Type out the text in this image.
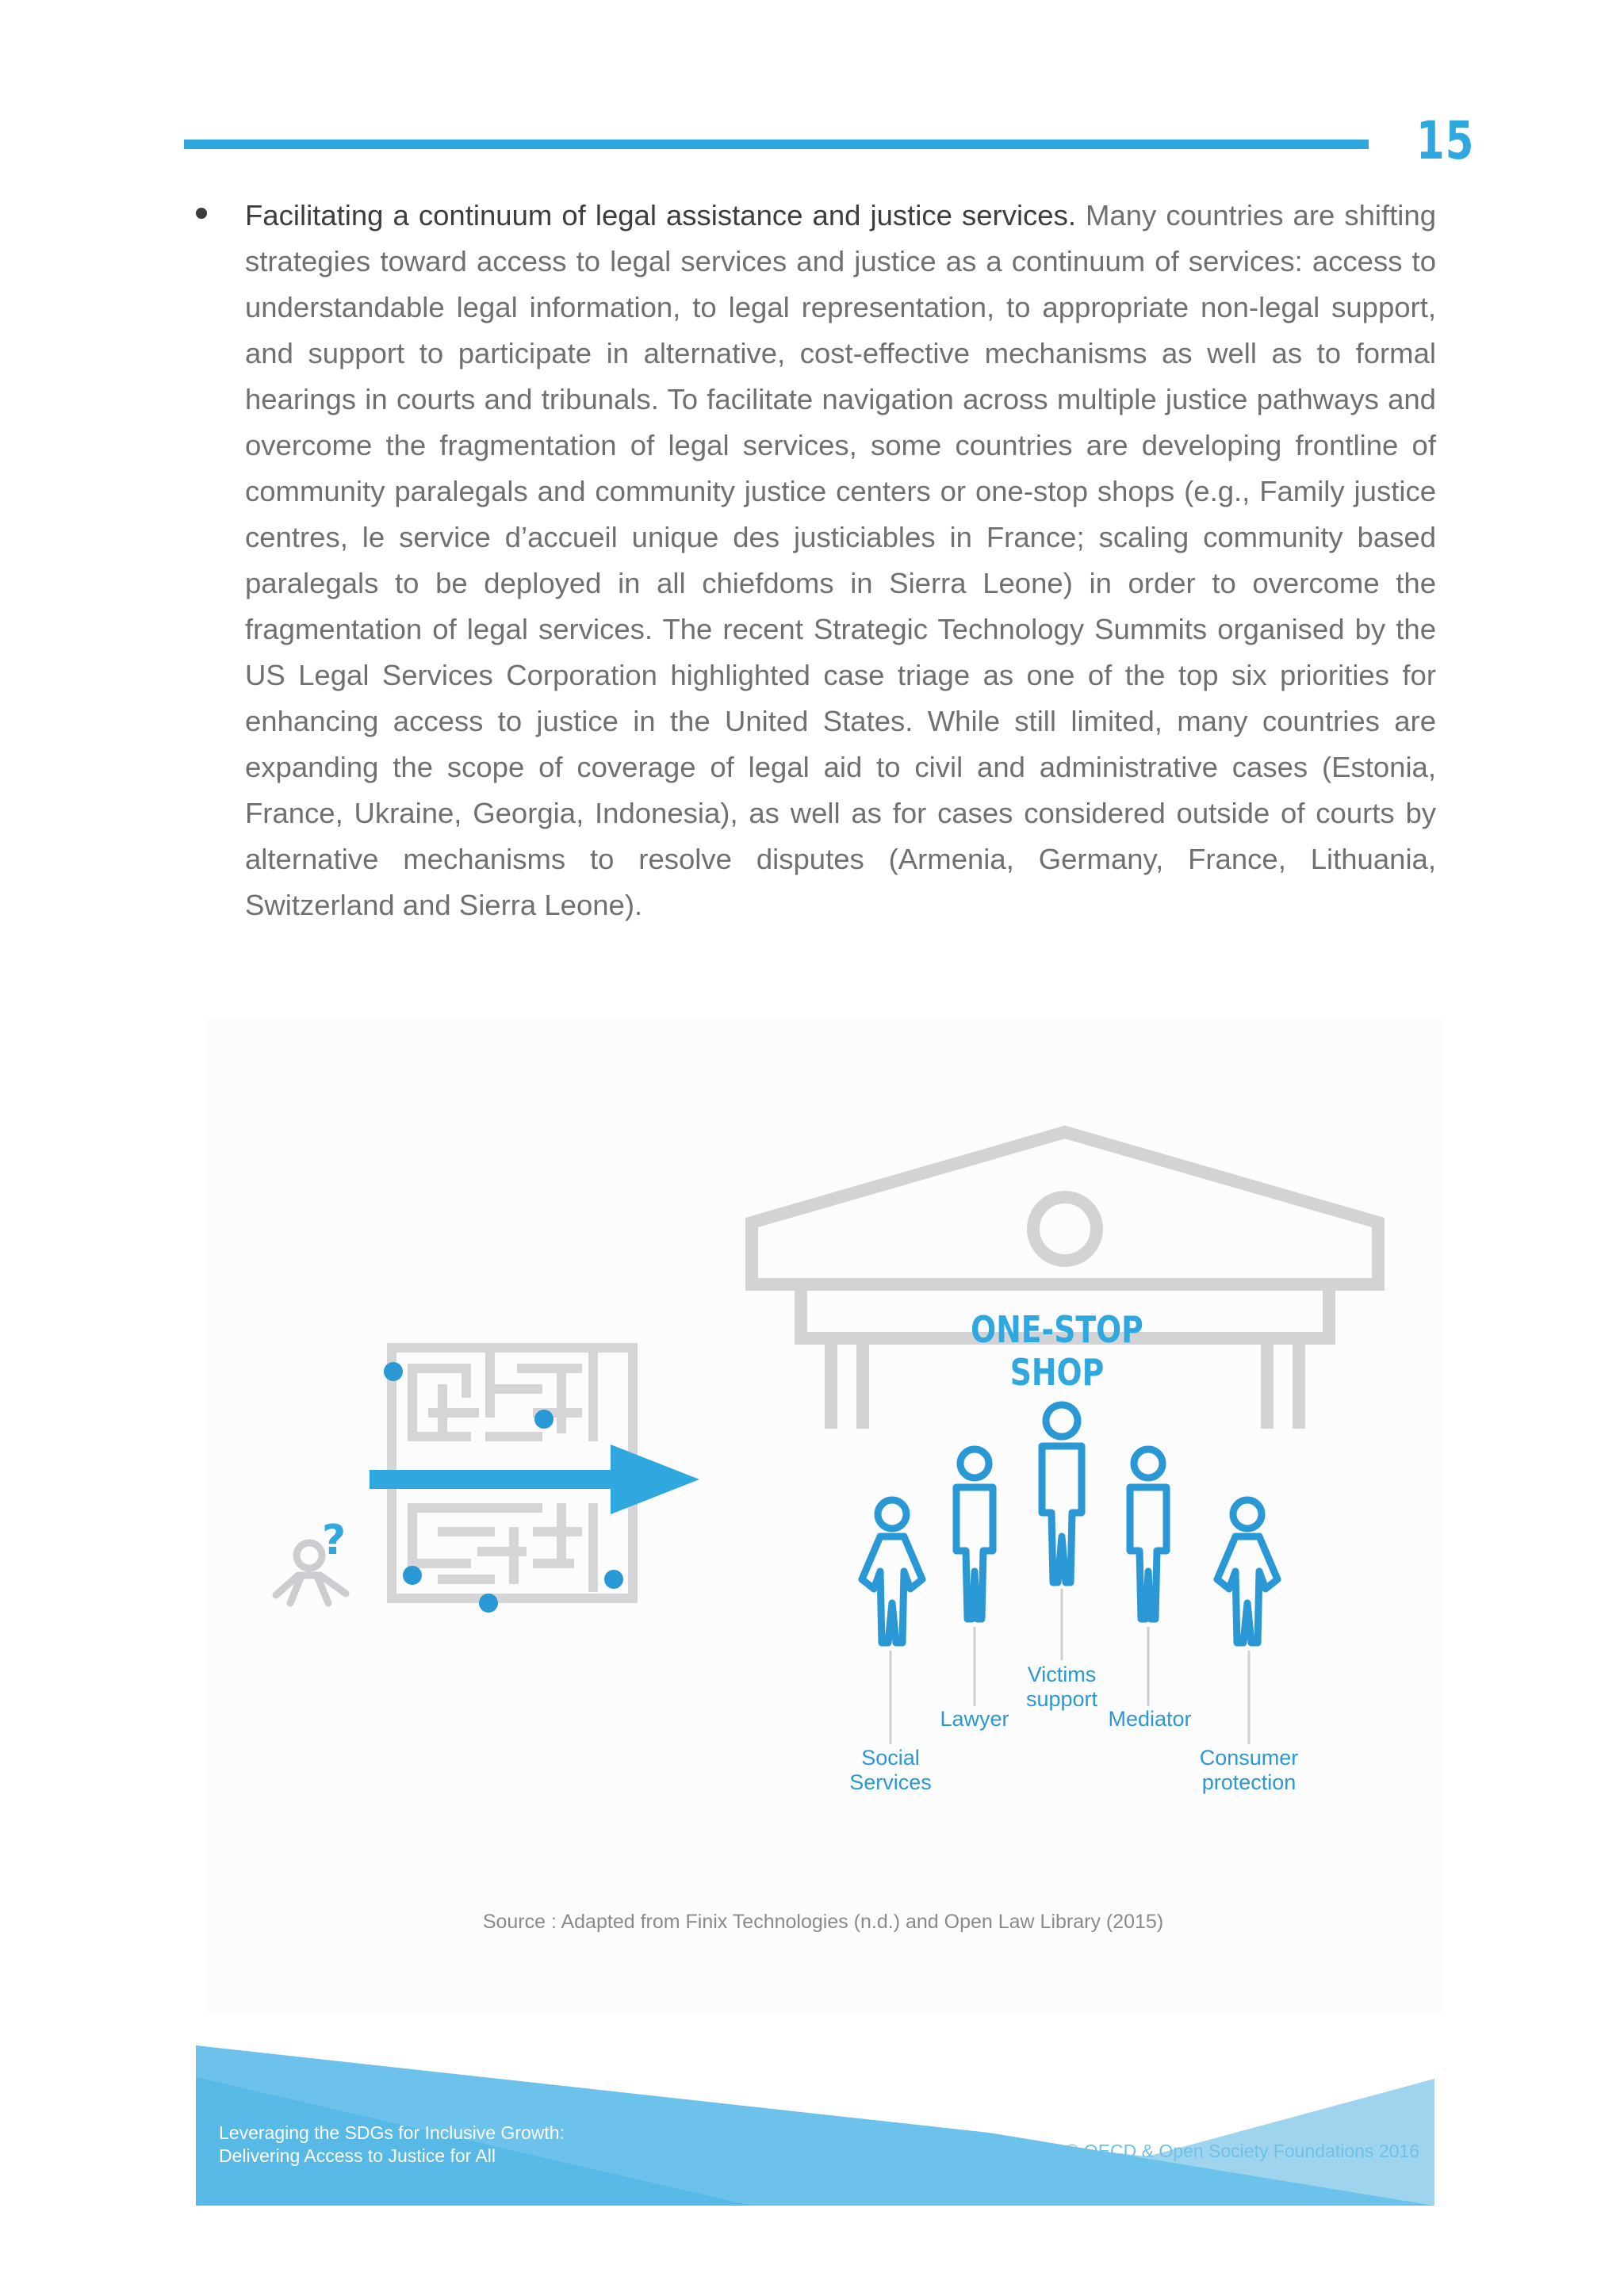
15

Facilitating a continuum of legal assistance and justice services. Many countries are shifting strategies toward access to legal services and justice as a continuum of services: access to understandable legal information, to legal representation, to appropriate non-legal support, and support to participate in alternative, cost-effective mechanisms as well as to formal hearings in courts and tribunals. To facilitate navigation across multiple justice pathways and overcome the fragmentation of legal services, some countries are developing frontline of community paralegals and community justice centers or one-stop shops (e.g., Family justice centres, le service d’accueil unique des justiciables in France; scaling community based paralegals to be deployed in all chiefdoms in Sierra Leone) in order to overcome the fragmentation of legal services. The recent Strategic Technology Summits organised by the US Legal Services Corporation highlighted case triage as one of the top six priorities for enhancing access to justice in the United States. While still limited, many countries are expanding the scope of coverage of legal aid to civil and administrative cases (Estonia, France, Ukraine, Georgia, Indonesia), as well as for cases considered outside of courts by alternative mechanisms to resolve disputes (Armenia, Germany, France, Lithuania, Switzerland and Sierra Leone).

?
ONE-STOP SHOP
Social
Services
Lawyer
Victims
support
Mediator
Consumer
protection
Source : Adapted from Finix Technologies (n.d.) and Open Law Library (2015)
Leveraging the SDGs for Inclusive Growth:
Delivering Access to Justice for All	© OECD & Open Society Foundations 2016
